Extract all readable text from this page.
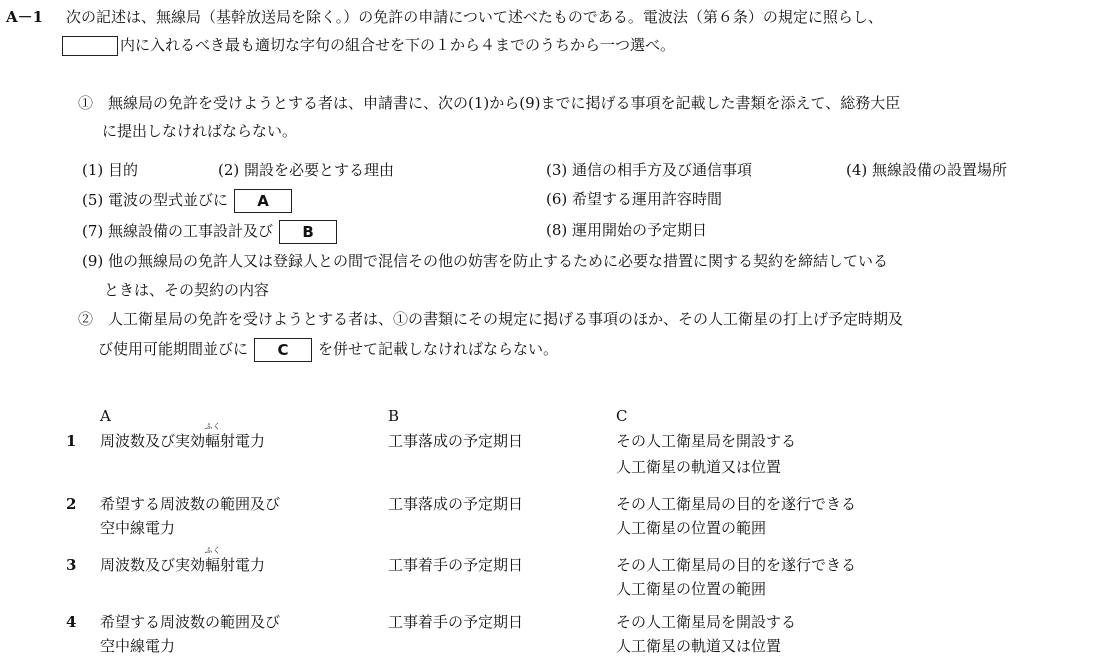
A－1 次の記述は、無線局（基幹放送局を除く。）の免許の申請について述べたものである。電波法（第６条）の規定に照らし、
内に入れるべき最も適切な字句の組合せを下の１から４までのうちから一つ選べ。
①　無線局の免許を受けようとする者は、申請書に、次の(1)から(9)までに掲げる事項を記載した書類を添えて、総務大臣
に提出しなければならない。
(1) 目的	(2) 開設を必要とする理由	(3) 通信の相手方及び通信事項	(4) 無線設備の設置場所
(5) 電波の型式並びに A	(6) 希望する運用許容時間
(7) 無線設備の工事設計及び B	(8) 運用開始の予定期日
(9) 他の無線局の免許人又は登録人との間で混信その他の妨害を防止するために必要な措置に関する契約を締結している
ときは、その契約の内容
②　人工衛星局の免許を受けようとする者は、①の書類にその規定に掲げる事項のほか、その人工衛星の打上げ予定時期及
び使用可能期間並びに C を併せて記載しなければならない。
A	B	C
1 周波数及び実効輻
ふく
射電力	工事落成の予定期日	その人工衛星局を開設する
人工衛星の軌道又は位置
2 希望する周波数の範囲及び
空中線電力
工事落成の予定期日	その人工衛星局の目的を遂行できる
人工衛星の位置の範囲
3 周波数及び実効輻
ふく
射電力	工事着手の予定期日	その人工衛星局の目的を遂行できる
人工衛星の位置の範囲
4 希望する周波数の範囲及び
空中線電力
工事着手の予定期日	その人工衛星局を開設する
人工衛星の軌道又は位置
